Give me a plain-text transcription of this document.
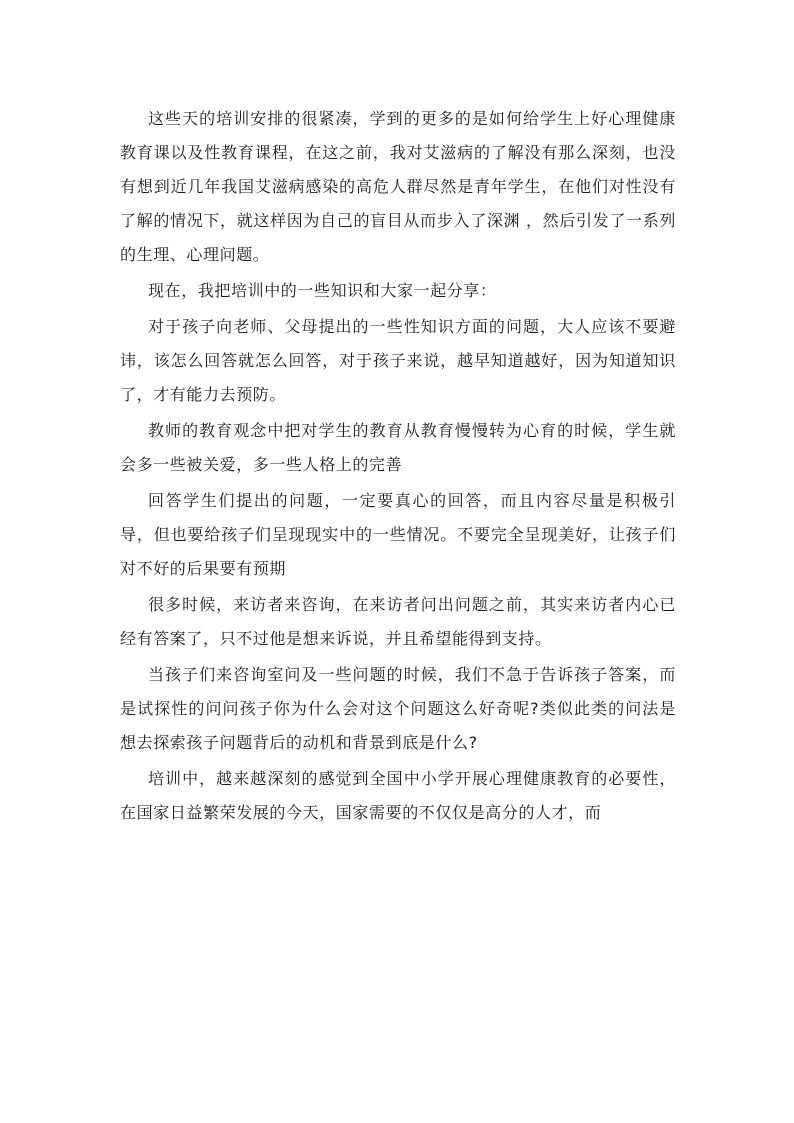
这些天的培训安排的很紧凑，学到的更多的是如何给学生上好心理健康教育课以及性教育课程，在这之前，我对艾滋病的了解没有那么深刻，也没有想到近几年我国艾滋病感染的高危人群尽然是青年学生，在他们对性没有了解的情况下，就这样因为自己的盲目从而步入了深渊 ，然后引发了一系列的生理、心理问题。

现在，我把培训中的一些知识和大家一起分享：

对于孩子向老师、父母提出的一些性知识方面的问题，大人应该不要避讳，该怎么回答就怎么回答，对于孩子来说，越早知道越好，因为知道知识了，才有能力去预防。

教师的教育观念中把对学生的教育从教育慢慢转为心育的时候，学生就会多一些被关爱，多一些人格上的完善

回答学生们提出的问题，一定要真心的回答，而且内容尽量是积极引导，但也要给孩子们呈现现实中的一些情况。不要完全呈现美好，让孩子们对不好的后果要有预期

很多时候，来访者来咨询，在来访者问出问题之前，其实来访者内心已经有答案了，只不过他是想来诉说，并且希望能得到支持。

当孩子们来咨询室问及一些问题的时候，我们不急于告诉孩子答案，而是试探性的问问孩子你为什么会对这个问题这么好奇呢?类似此类的问法是想去探索孩子问题背后的动机和背景到底是什么?

培训中，越来越深刻的感觉到全国中小学开展心理健康教育的必要性，在国家日益繁荣发展的今天，国家需要的不仅仅是高分的人才，而
